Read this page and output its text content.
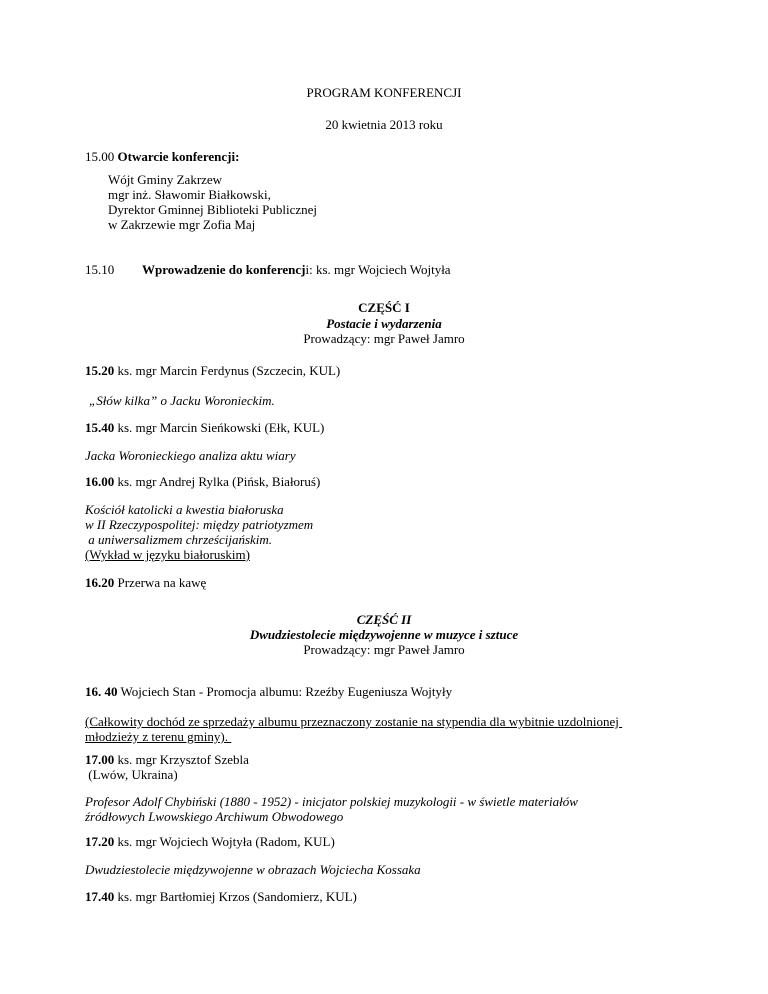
PROGRAM KONFERENCJI
20 kwietnia 2013 roku
15.00 Otwarcie konferencji:
Wójt Gminy Zakrzew
mgr inż. Sławomir Białkowski,
Dyrektor Gminnej Biblioteki Publicznej
w Zakrzewie mgr Zofia Maj
15.10 Wprowadzenie do konferencji: ks. mgr Wojciech Wojtyła
CZĘŚĆ I
Postacie i wydarzenia
Prowadzący: mgr Paweł Jamro
15.20 ks. mgr Marcin Ferdynus (Szczecin, KUL)
„Słów kilka” o Jacku Woronieckim.
15.40 ks. mgr Marcin Sieńkowski (Ełk, KUL)
Jacka Woronieckiego analiza aktu wiary
16.00 ks. mgr Andrej Rylka (Pińsk, Białoruś)
Kościół katolicki a kwestia białoruska
w II Rzeczypospolitej: między patriotyzmem
a uniwersalizmem chrześcijańskim.
(Wykład w języku białoruskim)
16.20 Przerwa na kawę
CZĘŚĆ II
Dwudziestolecie międzywojenne w muzyce i sztuce
Prowadzący: mgr Paweł Jamro
16. 40 Wojciech Stan - Promocja albumu: Rzeźby Eugeniusza Wojtyły
(Całkowity dochód ze sprzedaży albumu przeznaczony zostanie na stypendia dla wybitnie uzdolnionej
młodzieży z terenu gminy).
17.00 ks. mgr Krzysztof Szebla
(Lwów, Ukraina)
Profesor Adolf Chybiński (1880 - 1952) - inicjator polskiej muzykologii - w świetle materiałów
źródłowych Lwowskiego Archiwum Obwodowego
17.20 ks. mgr Wojciech Wojtyła (Radom, KUL)
Dwudziestolecie międzywojenne w obrazach Wojciecha Kossaka
17.40 ks. mgr Bartłomiej Krzos (Sandomierz, KUL)
